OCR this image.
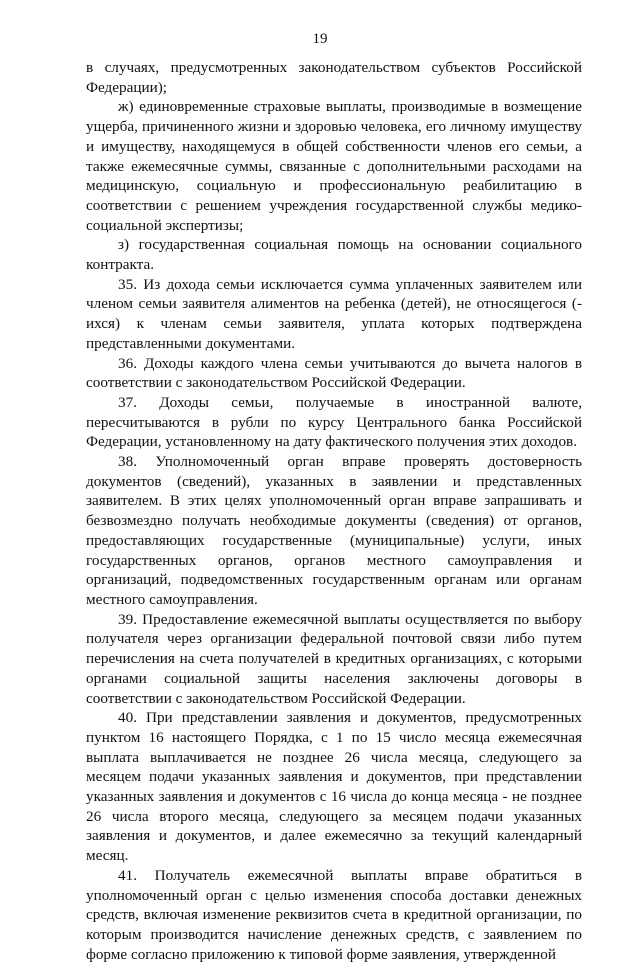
19

в случаях, предусмотренных законодательством субъектов Российской Федерации);

ж) единовременные страховые выплаты, производимые в возмещение ущерба, причиненного жизни и здоровью человека, его личному имуществу и имуществу, находящемуся в общей собственности членов его семьи, а также ежемесячные суммы, связанные с дополнительными расходами на медицинскую, социальную и профессиональную реабилитацию в соответствии с решением учреждения государственной службы медико-социальной экспертизы;

з) государственная социальная помощь на основании социального контракта.

35. Из дохода семьи исключается сумма уплаченных заявителем или членом семьи заявителя алиментов на ребенка (детей), не относящегося (-ихся) к членам семьи заявителя, уплата которых подтверждена представленными документами.

36. Доходы каждого члена семьи учитываются до вычета налогов в соответствии с законодательством Российской Федерации.

37. Доходы семьи, получаемые в иностранной валюте, пересчитываются в рубли по курсу Центрального банка Российской Федерации, установленному на дату фактического получения этих доходов.

38. Уполномоченный орган вправе проверять достоверность документов (сведений), указанных в заявлении и представленных заявителем. В этих целях уполномоченный орган вправе запрашивать и безвозмездно получать необходимые документы (сведения) от органов, предоставляющих государственные (муниципальные) услуги, иных государственных органов, органов местного самоуправления и организаций, подведомственных государственным органам или органам местного самоуправления.

39. Предоставление ежемесячной выплаты осуществляется по выбору получателя через организации федеральной почтовой связи либо путем перечисления на счета получателей в кредитных организациях, с которыми органами социальной защиты населения заключены договоры в соответствии с законодательством Российской Федерации.

40. При представлении заявления и документов, предусмотренных пунктом 16 настоящего Порядка, с 1 по 15 число месяца ежемесячная выплата выплачивается не позднее 26 числа месяца, следующего за месяцем подачи указанных заявления и документов, при представлении указанных заявления и документов с 16 числа до конца месяца - не позднее 26 числа второго месяца, следующего за месяцем подачи указанных заявления и документов, и далее ежемесячно за текущий календарный месяц.

41. Получатель ежемесячной выплаты вправе обратиться в уполномоченный орган с целью изменения способа доставки денежных средств, включая изменение реквизитов счета в кредитной организации, по которым производится начисление денежных средств, с заявлением по форме согласно приложению к типовой форме заявления, утвержденной
